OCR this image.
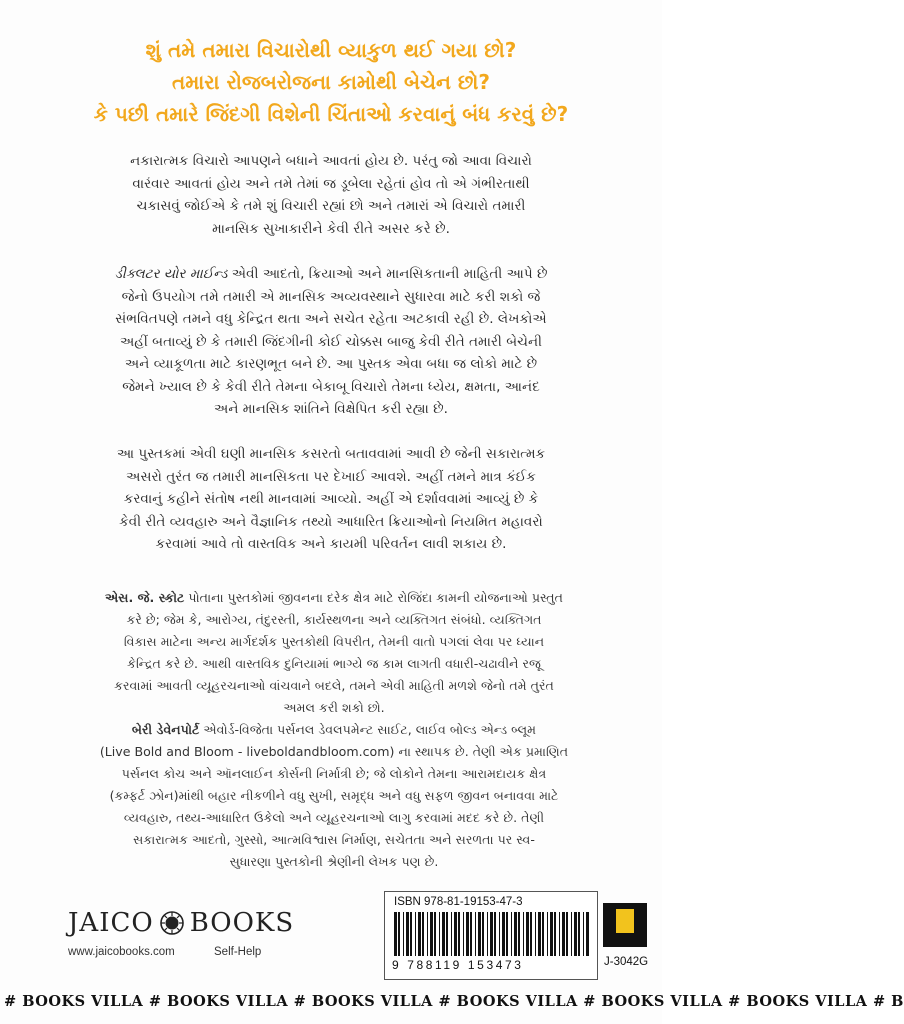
શું તમે તમારા વિચારોથી વ્યાકુળ થઈ ગયા છો?
તમારા રોજબરોજના કામોથી બેચેન છો?
કે પછી તમારે જિંદગી વિશેની ચિંતાઓ કરવાનું બંધ કરવું છે?
નકારાત્મક વિચારો આપણને બધાને આવતાં હોય છે. પરંતુ જો આવા વિચારો
વારંવાર આવતાં હોય અને તમે તેમાં જ ડૂબેલા રહેતાં હોવ તો એ ગંભીરતાથી
ચકાસવું જોઈએ કે તમે શું વિચારી રહ્યાં છો અને તમારાં એ વિચારો તમારી
માનસિક સુખાકારીને કેવી રીતે અસર કરે છે.
ડીક્લટર યોર માઈન્ડ એવી આદતો, ક્રિયાઓ અને માનસિકતાની માહિતી આપે છે
જેનો ઉપયોગ તમે તમારી એ માનસિક અવ્યવસ્થાને સુધારવા માટે કરી શકો જે
સંભવિતપણે તમને વધુ કેન્દ્રિત થતા અને સચેત રહેતા અટકાવી રહી છે. લેખકોએ
અહીં બતાવ્યું છે કે તમારી જિંદગીની કોઈ ચોક્કસ બાજુ કેવી રીતે તમારી બેચેની
અને વ્યાકૂળતા માટે કારણભૂત બને છે. આ પુસ્તક એવા બધા જ લોકો માટે છે
જેમને ખ્યાલ છે કે કેવી રીતે તેમના બેકાબૂ વિચારો તેમના ધ્યેય, ક્ષમતા, આનંદ
અને માનસિક શાંતિને વિક્ષેપિત કરી રહ્યા છે.
આ પુસ્તકમાં એવી ઘણી માનસિક કસરતો બતાવવામાં આવી છે જેની સકારાત્મક
અસરો તુરંત જ તમારી માનસિકતા પર દેખાઈ આવશે. અહીં તમને માત્ર કંઈક
કરવાનું કહીને સંતોષ નથી માનવામાં આવ્યો. અહીં એ દર્શાવવામાં આવ્યું છે કે
કેવી રીતે વ્યવહારુ અને વૈજ્ઞાનિક તથ્યો આધારિત ક્રિયાઓનો નિયમિત મહાવરો
કરવામાં આવે તો વાસ્તવિક અને કાયમી પરિવર્તન લાવી શકાય છે.
એસ. જે. સ્કોટ પોતાના પુસ્તકોમાં જીવનના દરેક ક્ષેત્ર માટે રોજિંદા કામની યોજનાઓ પ્રસ્તુત
કરે છે; જેમ કે, આરોગ્ય, તંદુરસ્તી, કાર્યસ્થળના અને વ્યક્તિગત સંબંધો. વ્યક્તિગત
વિકાસ માટેના અન્ય માર્ગદર્શક પુસ્તકોથી વિપરીત, તેમની વાતો પગલાં લેવા પર ધ્યાન
કેન્દ્રિત કરે છે. આથી વાસ્તવિક દુનિયામાં ભાગ્યે જ કામ લાગતી વધારી-ચઢાવીને રજૂ
કરવામાં આવતી વ્યૂહરચનાઓ વાંચવાને બદલે, તમને એવી માહિતી મળશે જેનો તમે તુરંત
અમલ કરી શકો છો.
બેરી ડેવેનપોર્ટ એવોર્ડ-વિજેતા પર્સનલ ડેવલપમેન્ટ સાઈટ, લાઈવ બોલ્ડ એન્ડ બ્લૂમ
(Live Bold and Bloom - liveboldandbloom.com) ના સ્થાપક છે. તેણી એક પ્રમાણિત
પર્સનલ કોચ અને ઑનલાઈન કોર્સની નિર્માત્રી છે; જે લોકોને તેમના આરામદાયક ક્ષેત્ર
(કમ્ફર્ટ ઝોન)માંથી બહાર નીકળીને વધુ સુખી, સમૃદ્ધ અને વધુ સફળ જીવન બનાવવા માટે
વ્યવહારુ, તથ્ય-આધારિત ઉકેલો અને વ્યૂહરચનાઓ લાગુ કરવામાં મદદ કરે છે. તેણી
સકારાત્મક આદતો, ગુસ્સો, આત્મવિશ્વાસ નિર્માણ, સચેતતા અને સરળતા પર સ્વ-
સુધારણા પુસ્તકોની શ્રેણીની લેખક પણ છે.
JAICO BOOKS
www.jaicobooks.com	Self-Help
ISBN 978-81-19153-47-3
9 788119 153473	J-3042G
# BOOKS VILLA # BOOKS VILLA # BOOKS VILLA # BOOKS VILLA # BOOKS VILLA # BOOKS VILLA # B
